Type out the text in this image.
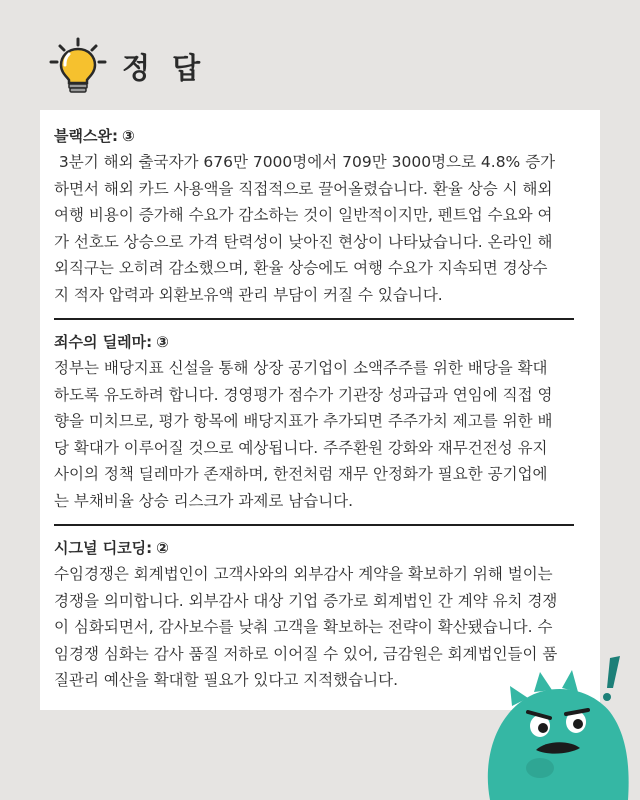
정 답
블랙스완: ③
3분기 해외 출국자가 676만 7000명에서 709만 3000명으로 4.8% 증가
하면서 해외 카드 사용액을 직접적으로 끌어올렸습니다. 환율 상승 시 해외
여행 비용이 증가해 수요가 감소하는 것이 일반적이지만, 펜트업 수요와 여
가 선호도 상승으로 가격 탄력성이 낮아진 현상이 나타났습니다. 온라인 해
외직구는 오히려 감소했으며, 환율 상승에도 여행 수요가 지속되면 경상수
지 적자 압력과 외환보유액 관리 부담이 커질 수 있습니다.
죄수의 딜레마: ③
정부는 배당지표 신설을 통해 상장 공기업이 소액주주를 위한 배당을 확대
하도록 유도하려 합니다. 경영평가 점수가 기관장 성과급과 연임에 직접 영
향을 미치므로, 평가 항목에 배당지표가 추가되면 주주가치 제고를 위한 배
당 확대가 이루어질 것으로 예상됩니다. 주주환원 강화와 재무건전성 유지
사이의 정책 딜레마가 존재하며, 한전처럼 재무 안정화가 필요한 공기업에
는 부채비율 상승 리스크가 과제로 남습니다.
시그널 디코딩: ②
수임경쟁은 회계법인이 고객사와의 외부감사 계약을 확보하기 위해 벌이는
경쟁을 의미합니다. 외부감사 대상 기업 증가로 회계법인 간 계약 유치 경쟁
이 심화되면서, 감사보수를 낮춰 고객을 확보하는 전략이 확산됐습니다. 수
임경쟁 심화는 감사 품질 저하로 이어질 수 있어, 금감원은 회계법인들이 품
질관리 예산을 확대할 필요가 있다고 지적했습니다.
